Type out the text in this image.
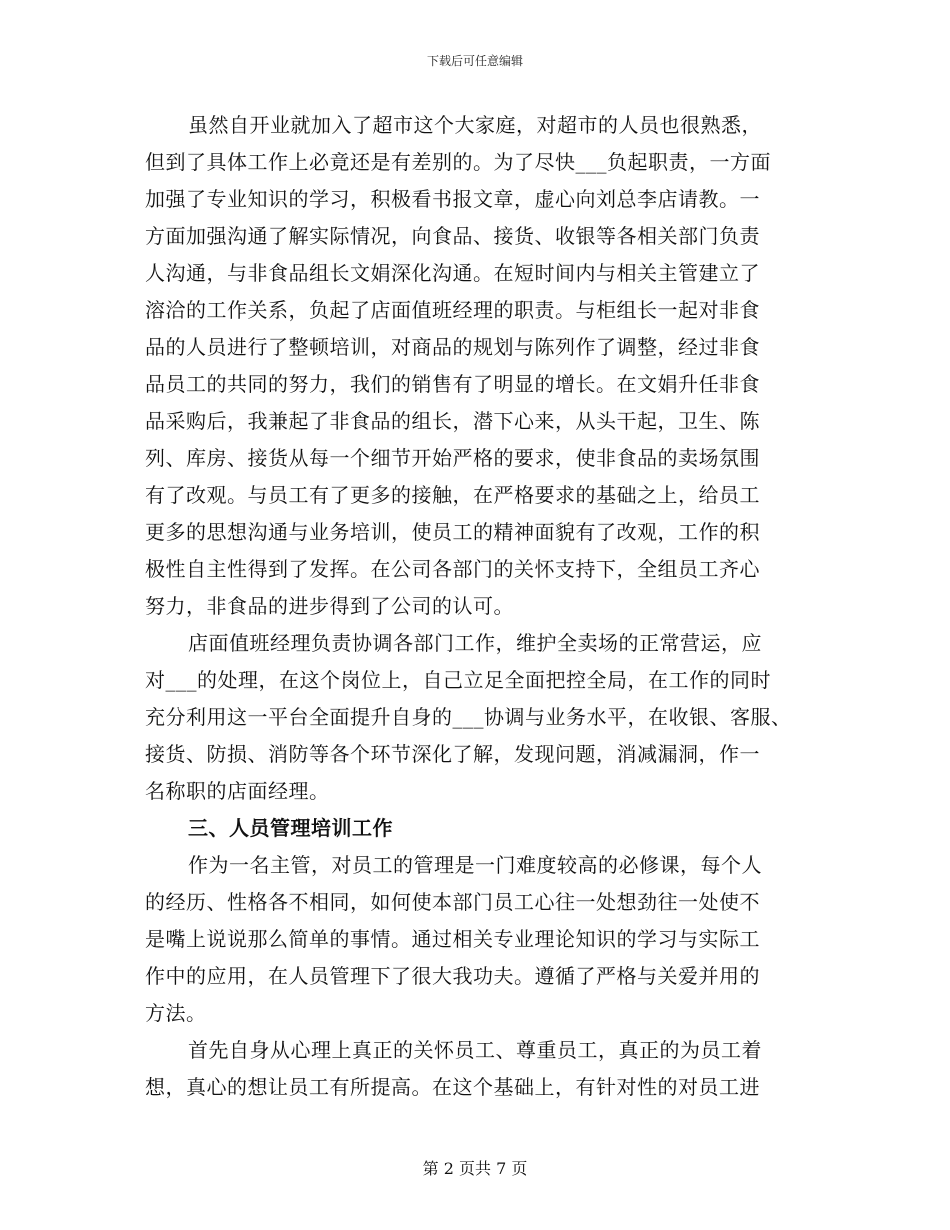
下载后可任意编辑
虽然自开业就加入了超市这个大家庭，对超市的人员也很熟悉，
但到了具体工作上必竟还是有差别的。为了尽快___负起职责，一方面
加强了专业知识的学习，积极看书报文章，虚心向刘总李店请教。一
方面加强沟通了解实际情况，向食品、接货、收银等各相关部门负责
人沟通，与非食品组长文娟深化沟通。在短时间内与相关主管建立了
溶洽的工作关系，负起了店面值班经理的职责。与柜组长一起对非食
品的人员进行了整顿培训，对商品的规划与陈列作了调整，经过非食
品员工的共同的努力，我们的销售有了明显的增长。在文娟升任非食
品采购后，我兼起了非食品的组长，潜下心来，从头干起，卫生、陈
列、库房、接货从每一个细节开始严格的要求，使非食品的卖场氛围
有了改观。与员工有了更多的接触，在严格要求的基础之上，给员工
更多的思想沟通与业务培训，使员工的精神面貌有了改观，工作的积
极性自主性得到了发挥。在公司各部门的关怀支持下，全组员工齐心
努力，非食品的进步得到了公司的认可。
店面值班经理负责协调各部门工作，维护全卖场的正常营运，应
对___的处理，在这个岗位上，自己立足全面把控全局，在工作的同时
充分利用这一平台全面提升自身的___协调与业务水平，在收银、客服、
接货、防损、消防等各个环节深化了解，发现问题，消减漏洞，作一
名称职的店面经理。
三、人员管理培训工作
作为一名主管，对员工的管理是一门难度较高的必修课，每个人
的经历、性格各不相同，如何使本部门员工心往一处想劲往一处使不
是嘴上说说那么简单的事情。通过相关专业理论知识的学习与实际工
作中的应用，在人员管理下了很大我功夫。遵循了严格与关爱并用的
方法。
首先自身从心理上真正的关怀员工、尊重员工，真正的为员工着
想，真心的想让员工有所提高。在这个基础上，有针对性的对员工进
第 2 页共 7 页
